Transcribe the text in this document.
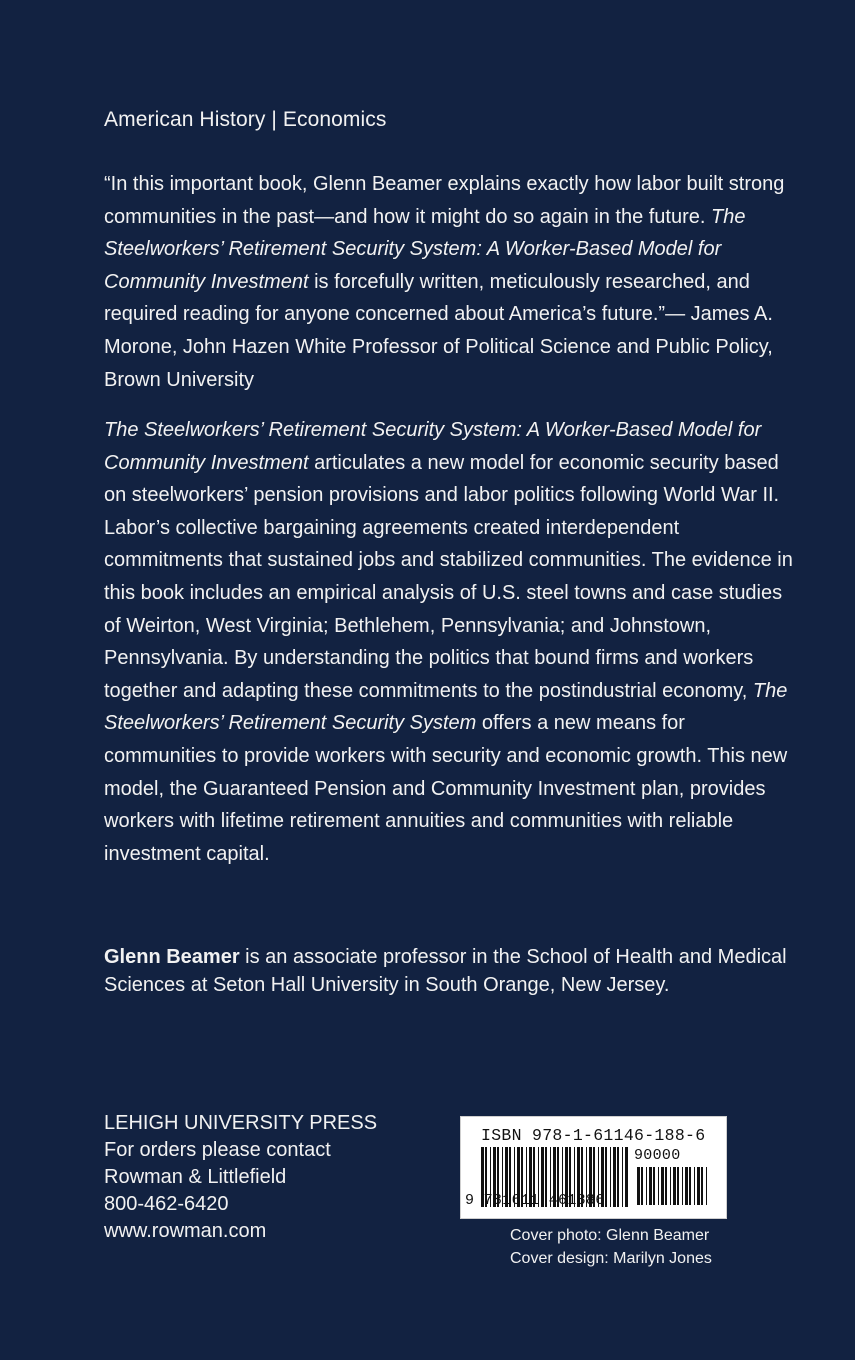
American History | Economics
“In this important book, Glenn Beamer explains exactly how labor built strong communities in the past—and how it might do so again in the future. The Steelworkers’ Retirement Security System: A Worker-Based Model for Community Investment is forcefully written, meticulously researched, and required reading for anyone concerned about America’s future.”— James A. Morone, John Hazen White Professor of Political Science and Public Policy, Brown University
The Steelworkers’ Retirement Security System: A Worker-Based Model for Community Investment articulates a new model for economic security based on steelworkers’ pension provisions and labor politics following World War II. Labor’s collective bargaining agreements created interdependent commitments that sustained jobs and stabilized communities. The evidence in this book includes an empirical analysis of U.S. steel towns and case studies of Weirton, West Virginia; Bethlehem, Pennsylvania; and Johnstown, Pennsylvania. By understanding the politics that bound firms and workers together and adapting these commitments to the postindustrial economy, The Steelworkers’ Retirement Security System offers a new means for communities to provide workers with security and economic growth. This new model, the Guaranteed Pension and Community Investment plan, provides workers with lifetime retirement annuities and communities with reliable investment capital.
Glenn Beamer is an associate professor in the School of Health and Medical Sciences at Seton Hall University in South Orange, New Jersey.
LEHIGH UNIVERSITY PRESS
For orders please contact
Rowman & Littlefield
800-462-6420
www.rowman.com
ISBN 978-1-61146-188-6
90000
9 781611 461886
Cover photo: Glenn Beamer
Cover design: Marilyn Jones
